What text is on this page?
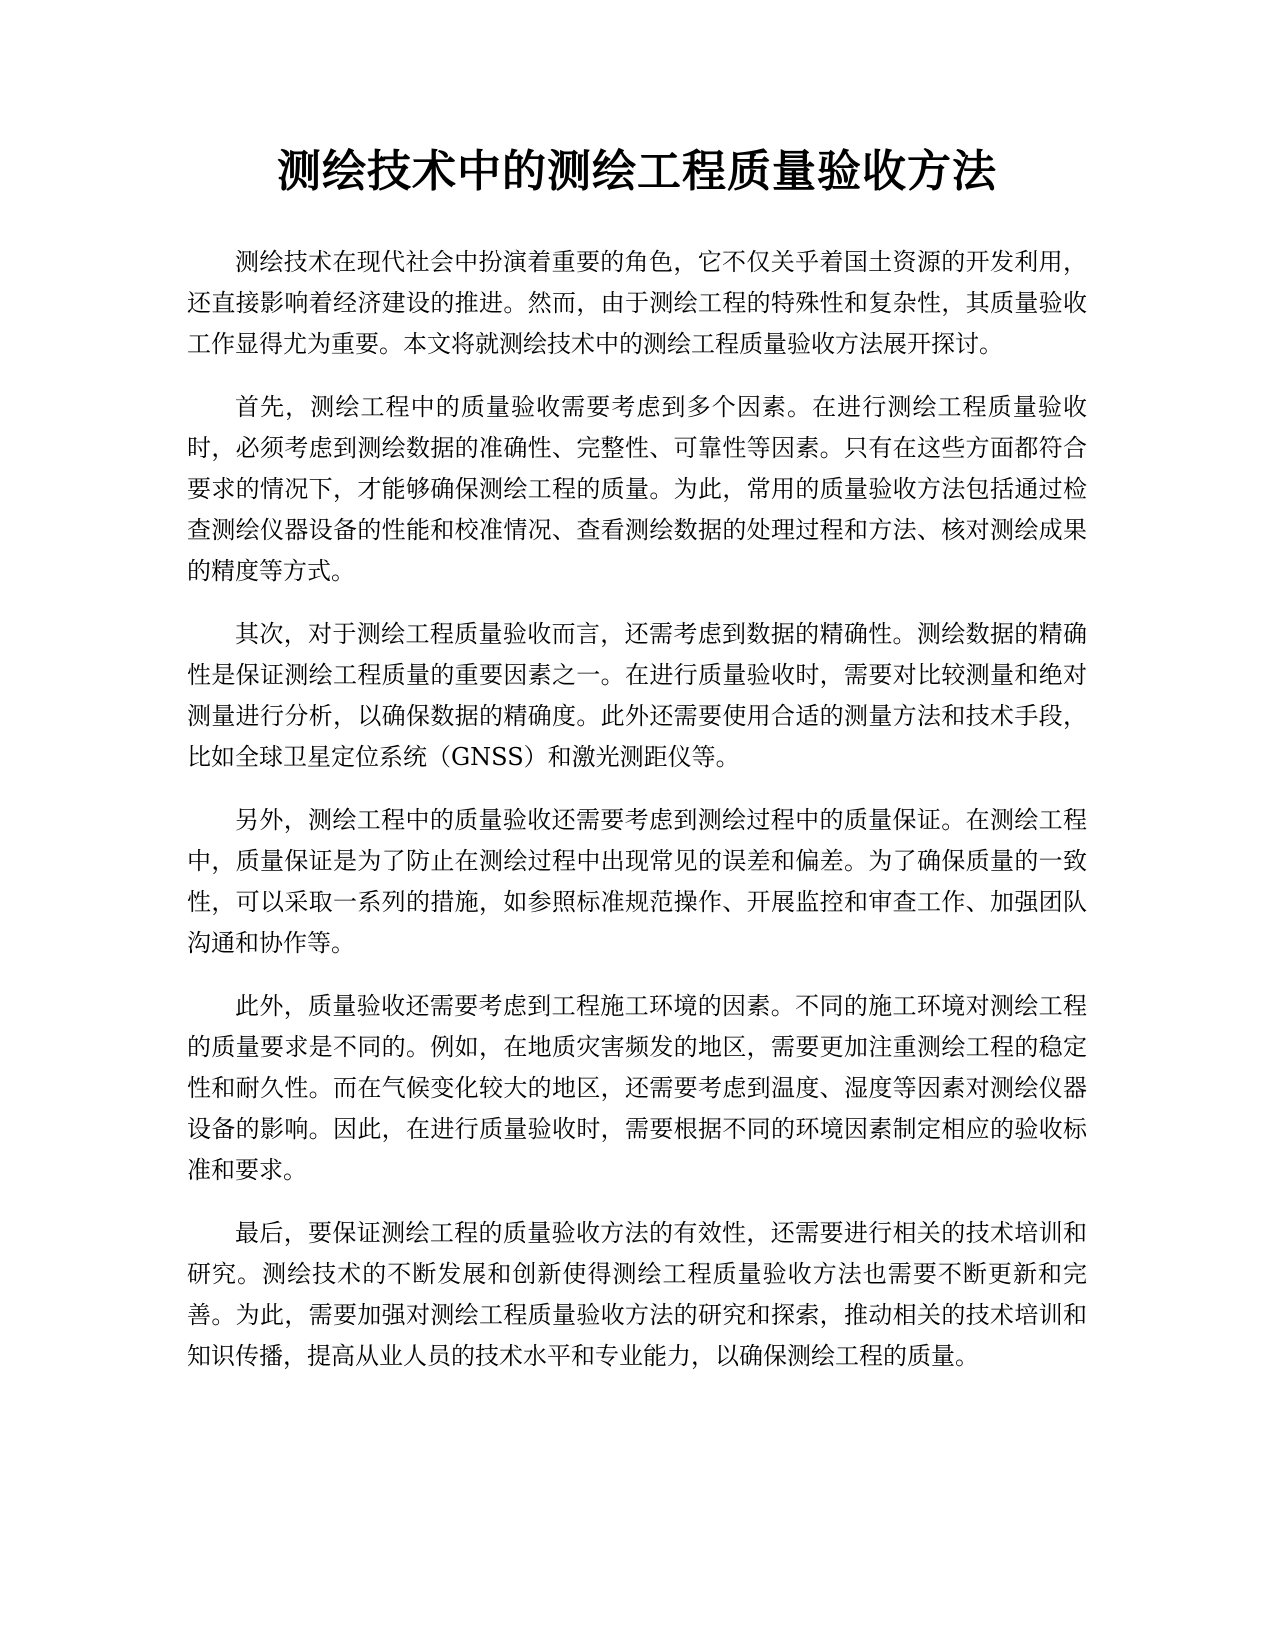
测绘技术中的测绘工程质量验收方法

测绘技术在现代社会中扮演着重要的角色，它不仅关乎着国土资源的开发利用，还直接影响着经济建设的推进。然而，由于测绘工程的特殊性和复杂性，其质量验收工作显得尤为重要。本文将就测绘技术中的测绘工程质量验收方法展开探讨。

首先，测绘工程中的质量验收需要考虑到多个因素。在进行测绘工程质量验收时，必须考虑到测绘数据的准确性、完整性、可靠性等因素。只有在这些方面都符合要求的情况下，才能够确保测绘工程的质量。为此，常用的质量验收方法包括通过检查测绘仪器设备的性能和校准情况、查看测绘数据的处理过程和方法、核对测绘成果的精度等方式。

其次，对于测绘工程质量验收而言，还需考虑到数据的精确性。测绘数据的精确性是保证测绘工程质量的重要因素之一。在进行质量验收时，需要对比较测量和绝对测量进行分析，以确保数据的精确度。此外还需要使用合适的测量方法和技术手段，比如全球卫星定位系统（GNSS）和激光测距仪等。

另外，测绘工程中的质量验收还需要考虑到测绘过程中的质量保证。在测绘工程中，质量保证是为了防止在测绘过程中出现常见的误差和偏差。为了确保质量的一致性，可以采取一系列的措施，如参照标准规范操作、开展监控和审查工作、加强团队沟通和协作等。

此外，质量验收还需要考虑到工程施工环境的因素。不同的施工环境对测绘工程的质量要求是不同的。例如，在地质灾害频发的地区，需要更加注重测绘工程的稳定性和耐久性。而在气候变化较大的地区，还需要考虑到温度、湿度等因素对测绘仪器设备的影响。因此，在进行质量验收时，需要根据不同的环境因素制定相应的验收标准和要求。

最后，要保证测绘工程的质量验收方法的有效性，还需要进行相关的技术培训和研究。测绘技术的不断发展和创新使得测绘工程质量验收方法也需要不断更新和完善。为此，需要加强对测绘工程质量验收方法的研究和探索，推动相关的技术培训和知识传播，提高从业人员的技术水平和专业能力，以确保测绘工程的质量。
